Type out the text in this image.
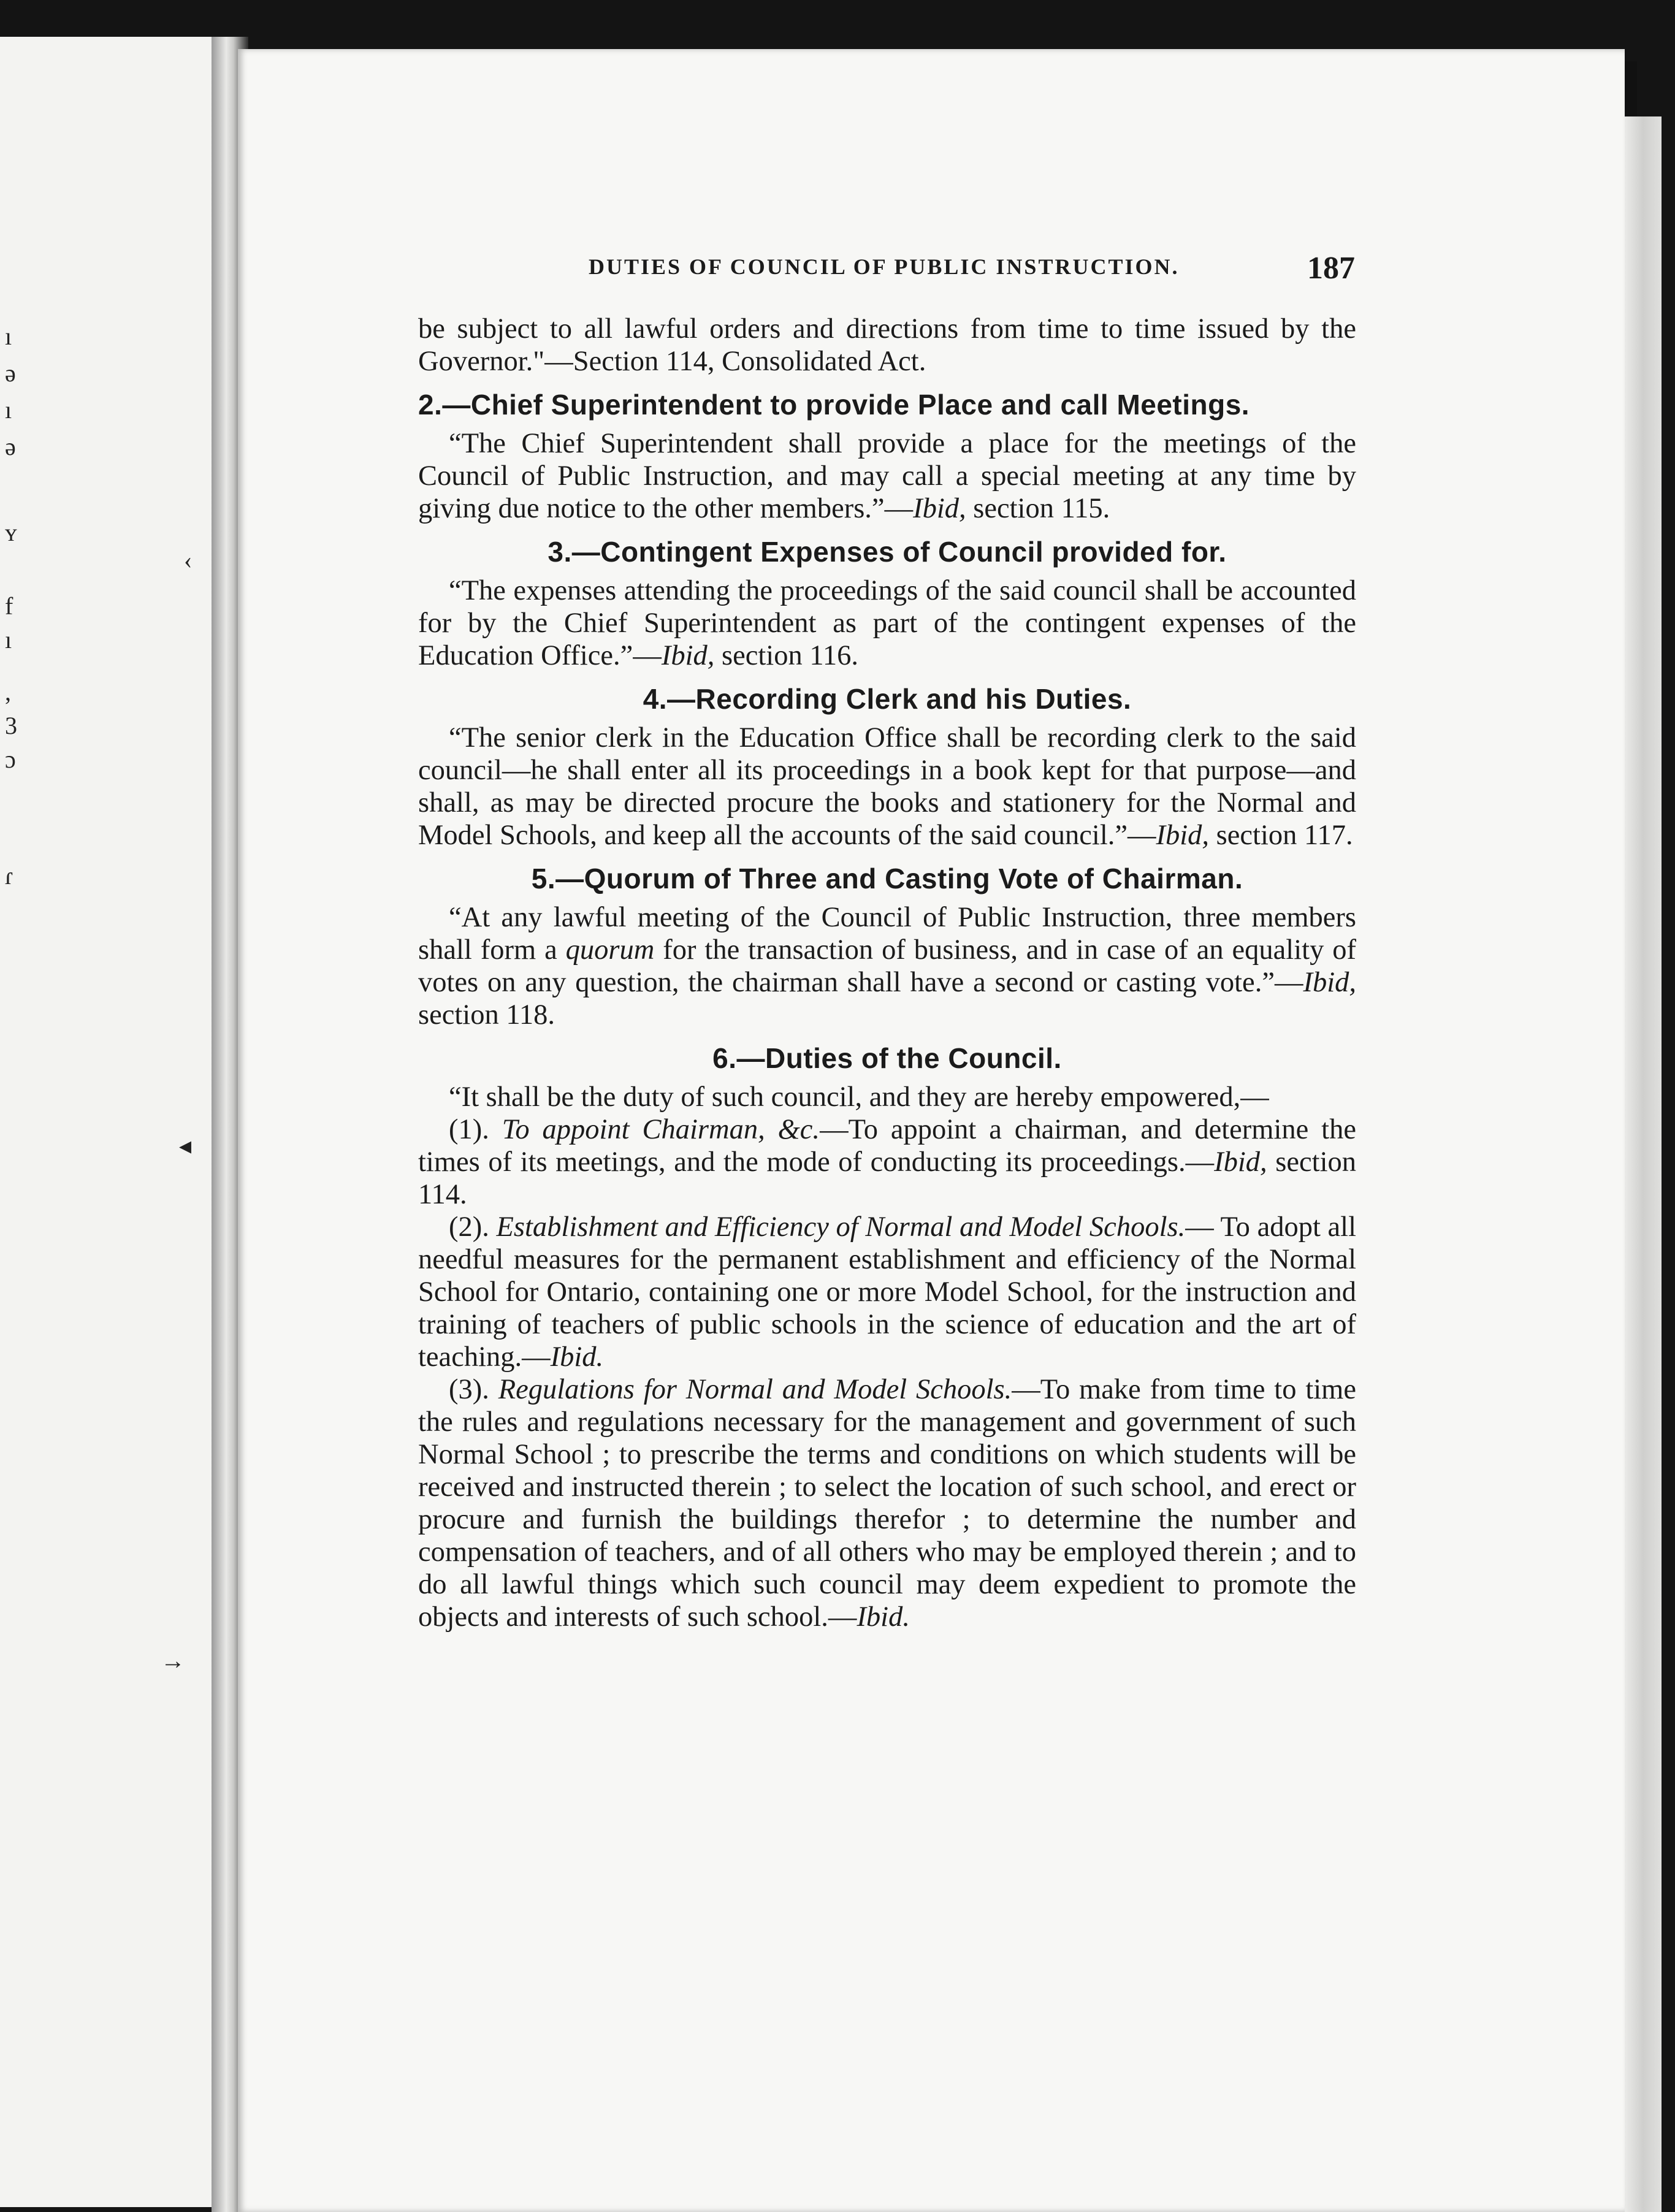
ı
ə
ı
ə
ʏ
f
ı
,
3
ɔ
ɾ
‹
◂
→
DUTIES OF COUNCIL OF PUBLIC INSTRUCTION.	187

be subject to all lawful orders and directions from time to time issued by the Governor."—Section 114, Consolidated Act.

2.—Chief Superintendent to provide Place and call Meetings.

“The Chief Superintendent shall provide a place for the meetings of the Council of Public Instruction, and may call a special meeting at any time by giving due notice to the other members.”—Ibid, section 115.

3.—Contingent Expenses of Council provided for.

“The expenses attending the proceedings of the said council shall be accounted for by the Chief Superintendent as part of the contingent expenses of the Education Office.”—Ibid, section 116.

4.—Recording Clerk and his Duties.

“The senior clerk in the Education Office shall be recording clerk to the said council—he shall enter all its proceedings in a book kept for that purpose—and shall, as may be directed procure the books and stationery for the Normal and Model Schools, and keep all the accounts of the said council.”—Ibid, section 117.

5.—Quorum of Three and Casting Vote of Chairman.

“At any lawful meeting of the Council of Public Instruction, three members shall form a quorum for the transaction of business, and in case of an equality of votes on any question, the chairman shall have a second or casting vote.”—Ibid, section 118.

6.—Duties of the Council.

“It shall be the duty of such council, and they are hereby empowered,—

(1). To appoint Chairman, &c.—To appoint a chairman, and determine the times of its meetings, and the mode of conducting its proceedings.—Ibid, section 114.

(2). Establishment and Efficiency of Normal and Model Schools.— To adopt all needful measures for the permanent establishment and efficiency of the Normal School for Ontario, containing one or more Model School, for the instruction and training of teachers of public schools in the science of education and the art of teaching.—Ibid.

(3). Regulations for Normal and Model Schools.—To make from time to time the rules and regulations necessary for the management and government of such Normal School ; to prescribe the terms and conditions on which students will be received and instructed therein ; to select the location of such school, and erect or procure and furnish the buildings therefor ; to determine the number and compensation of teachers, and of all others who may be employed therein ; and to do all lawful things which such council may deem expedient to promote the objects and interests of such school.—Ibid.
